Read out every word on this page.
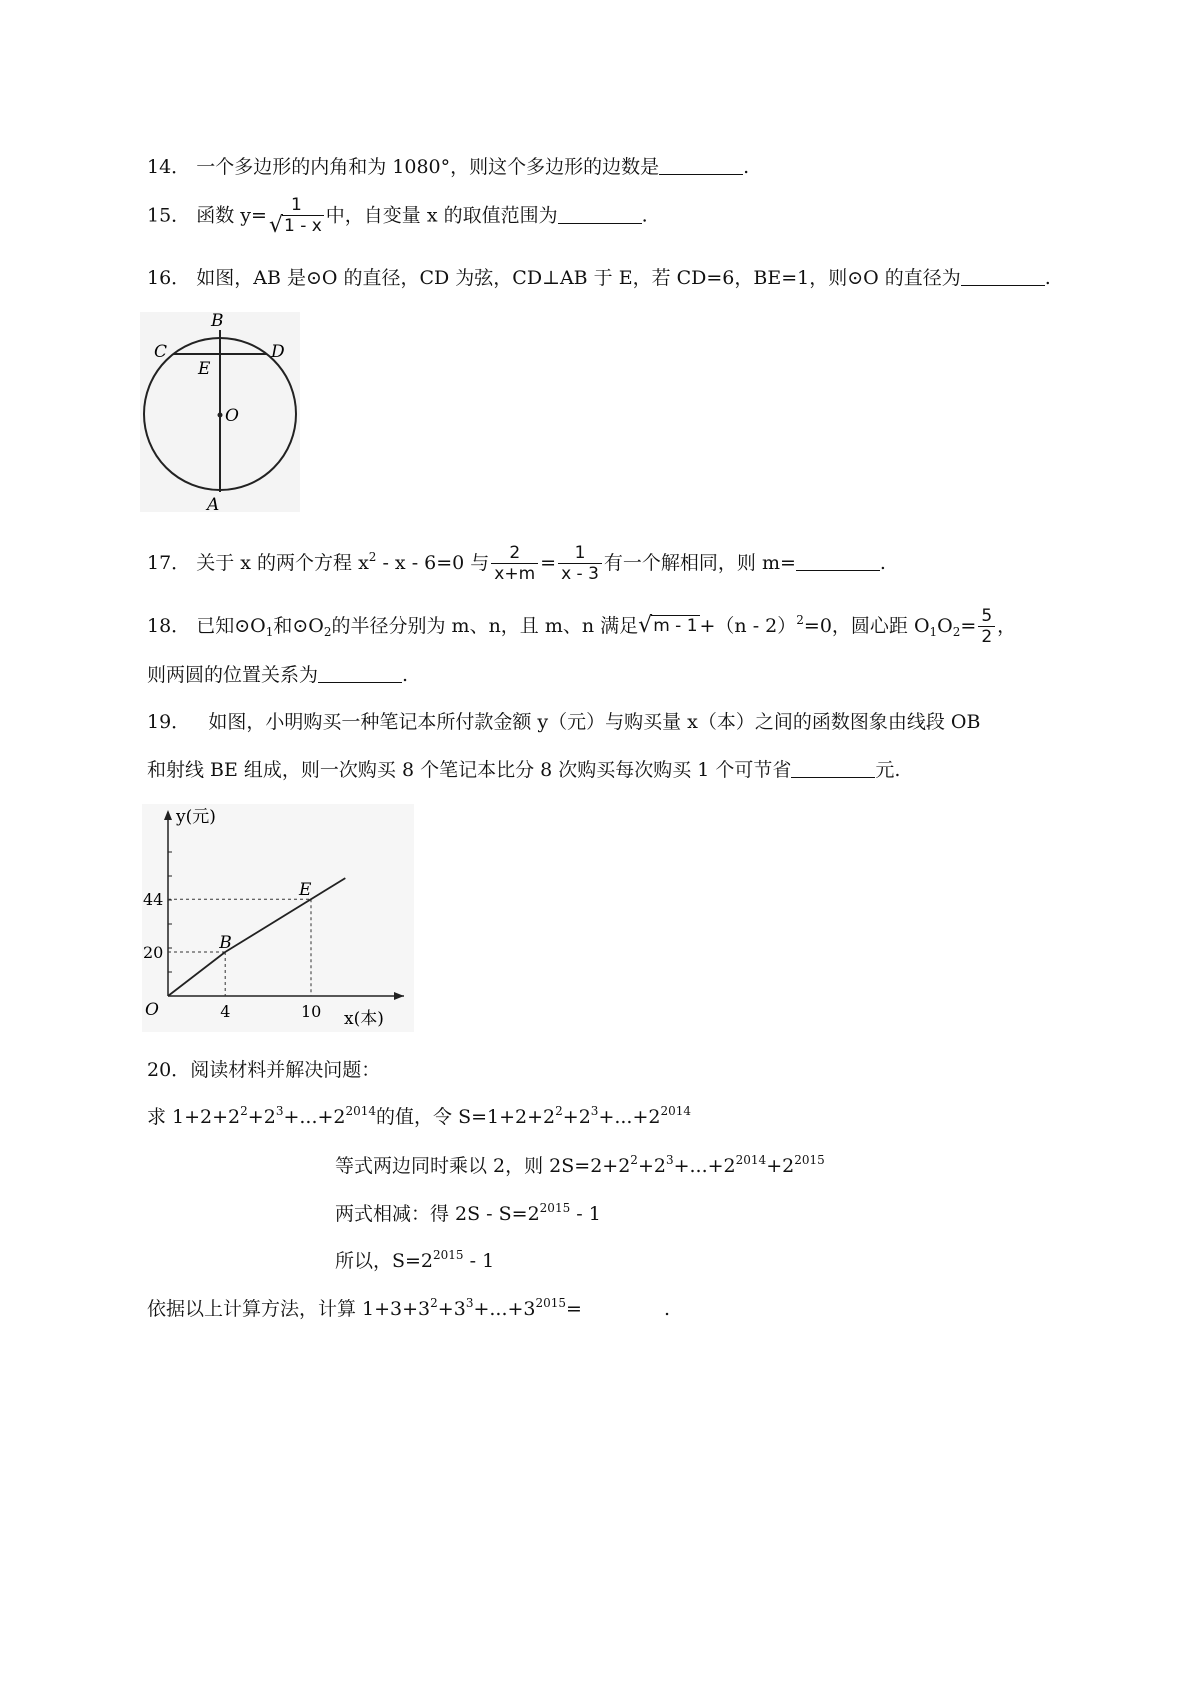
14． 一个多边形的内角和为 1080°，则这个多边形的边数是	.
15． 函数 y= 1
√ 1 - x 中，自变量 x 的取值范围为	.
16． 如图，AB 是⊙O 的直径，CD 为弦，CD⊥AB 于 E，若 CD=6，BE=1，则⊙O 的直径为	.
B
C	D
E
O
A
17． 关于 x 的两个方程 $x^2 - x - 6=0$ 与 $\frac{2}{x+m} = \frac{1}{x - 3}$ 有一个解相同，则 m=	.
18． 已知$⊙O_1$和$⊙O_2$的半径分别为 m、n，且 m、n 满足 √ m - 1 +（n - 2）$^2$=0，圆心距 $O_1O_2= \frac{5}{2}$ ，
则两圆的位置关系为	.
19． 如图，小明购买一种笔记本所付款金额 y（元）与购买量 x（本）之间的函数图象由线段 OB
和射线 BE 组成，则一次购买 8 个笔记本比分 8 次购买每次购买 1 个可节省	元.
y(元)
x(本)
O
B
E
4	10
20
44
20．阅读材料并解决问题：
求 $1+2+2^2+2^3+...+2^{2014}$的值，令 $S=1+2+2^2+2^3+...+2^{2014}$
等式两边同时乘以 2，则 $2S=2+2^2+2^3+...+2^{2014}+2^{2015}$
两式相减：得 $2S - S=2^{2015} - 1$
所以，$S=2^{2015} - 1$
依据以上计算方法，计算 $1+3+3^2+3^3+...+3^{2015}=$	.
